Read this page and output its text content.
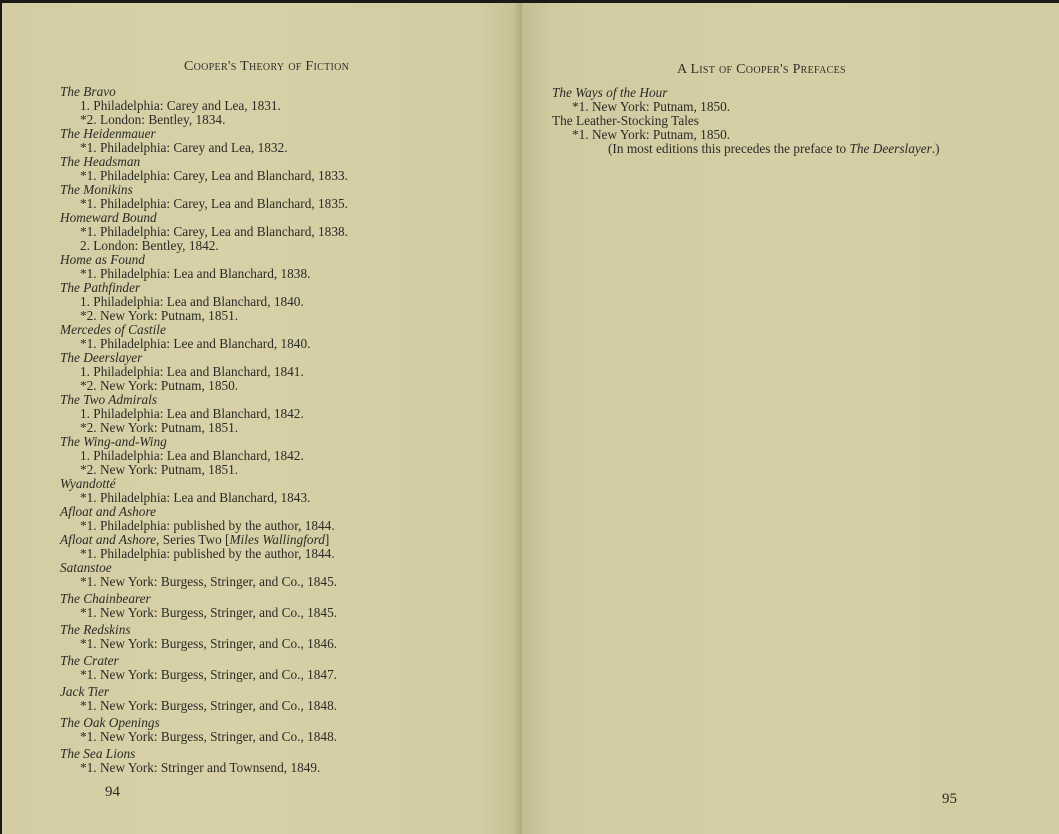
Cooper's Theory of Fiction
The Bravo
1. Philadelphia: Carey and Lea, 1831.
*2. London: Bentley, 1834.
The Heidenmauer
*1. Philadelphia: Carey and Lea, 1832.
The Headsman
*1. Philadelphia: Carey, Lea and Blanchard, 1833.
The Monikins
*1. Philadelphia: Carey, Lea and Blanchard, 1835.
Homeward Bound
*1. Philadelphia: Carey, Lea and Blanchard, 1838.
2. London: Bentley, 1842.
Home as Found
*1. Philadelphia: Lea and Blanchard, 1838.
The Pathfinder
1. Philadelphia: Lea and Blanchard, 1840.
*2. New York: Putnam, 1851.
Mercedes of Castile
*1. Philadelphia: Lee and Blanchard, 1840.
The Deerslayer
1. Philadelphia: Lea and Blanchard, 1841.
*2. New York: Putnam, 1850.
The Two Admirals
1. Philadelphia: Lea and Blanchard, 1842.
*2. New York: Putnam, 1851.
The Wing-and-Wing
1. Philadelphia: Lea and Blanchard, 1842.
*2. New York: Putnam, 1851.
Wyandotté
*1. Philadelphia: Lea and Blanchard, 1843.
Afloat and Ashore
*1. Philadelphia: published by the author, 1844.
Afloat and Ashore, Series Two [Miles Wallingford]
*1. Philadelphia: published by the author, 1844.
Satanstoe
*1. New York: Burgess, Stringer, and Co., 1845.
The Chainbearer
*1. New York: Burgess, Stringer, and Co., 1845.
The Redskins
*1. New York: Burgess, Stringer, and Co., 1846.
The Crater
*1. New York: Burgess, Stringer, and Co., 1847.
Jack Tier
*1. New York: Burgess, Stringer, and Co., 1848.
The Oak Openings
*1. New York: Burgess, Stringer, and Co., 1848.
The Sea Lions
*1. New York: Stringer and Townsend, 1849.
94
A List of Cooper's Prefaces
The Ways of the Hour
*1. New York: Putnam, 1850.
The Leather-Stocking Tales
*1. New York: Putnam, 1850.
(In most editions this precedes the preface to The Deerslayer.)
95
